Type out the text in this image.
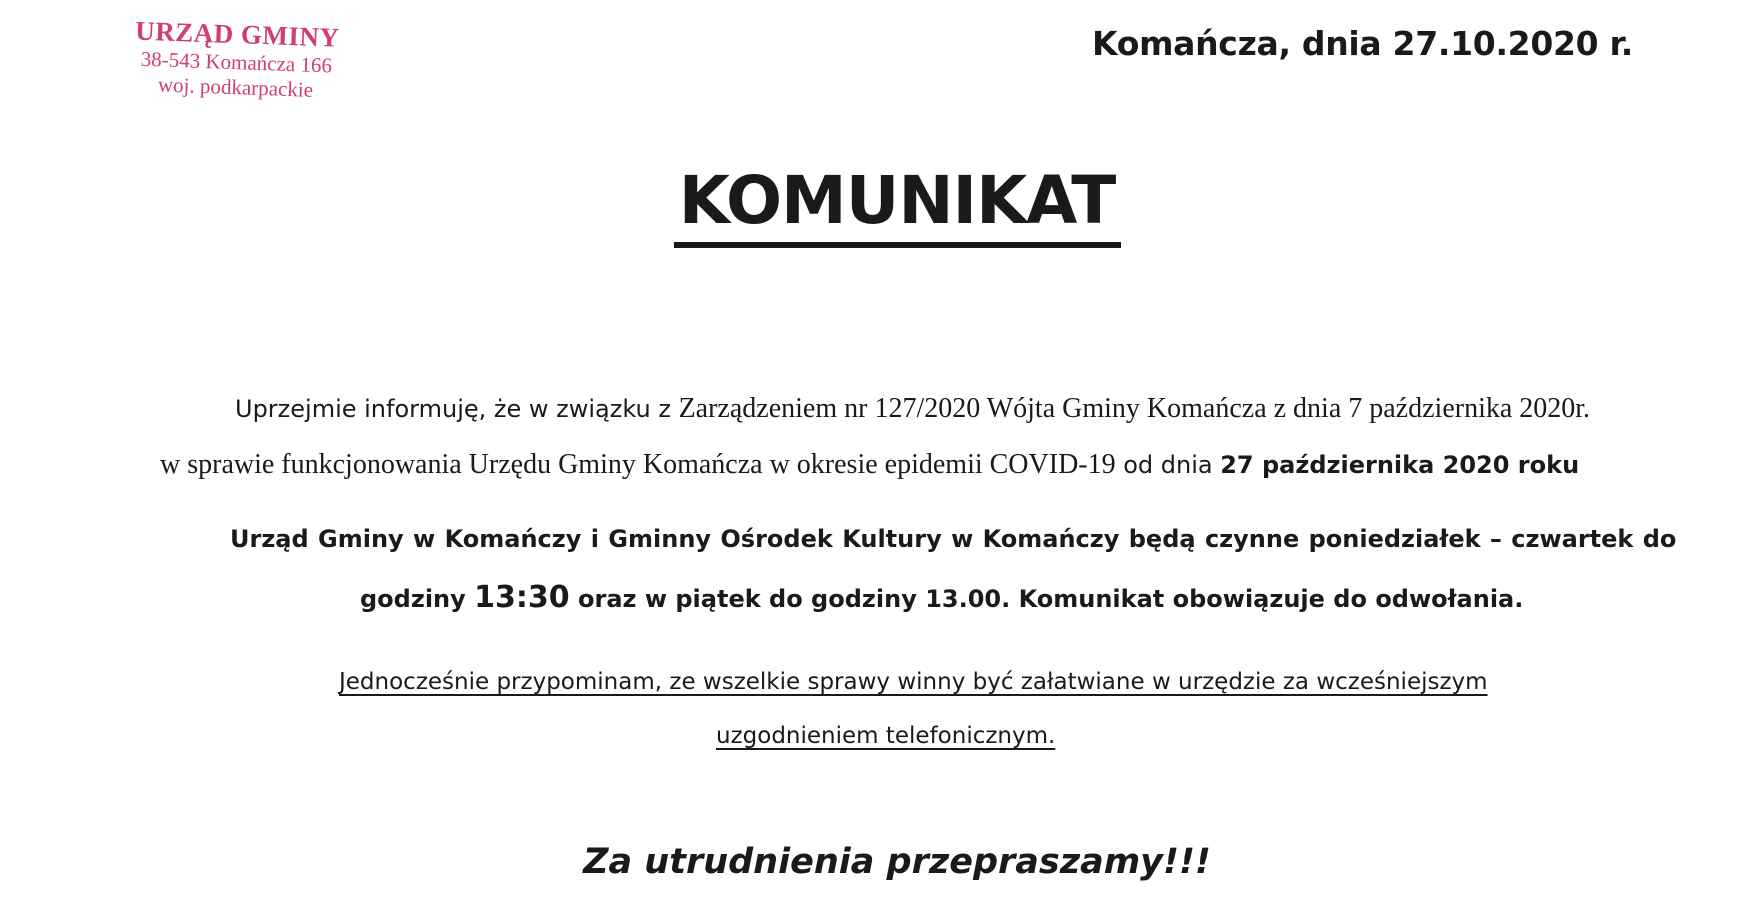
URZĄD GMINY
38-543 Komańcza 166
woj. podkarpackie
Komańcza, dnia 27.10.2020 r.
KOMUNIKAT
Uprzejmie informuję, że w związku z Zarządzeniem nr 127/2020 Wójta Gminy Komańcza z dnia 7 października 2020r.
w sprawie funkcjonowania Urzędu Gminy Komańcza w okresie epidemii COVID-19 od dnia 27 października 2020 roku
Urząd Gminy w Komańczy i Gminny Ośrodek Kultury w Komańczy będą czynne poniedziałek – czwartek do
godziny 13:30 oraz w piątek do godziny 13.00. Komunikat obowiązuje do odwołania.
Jednocześnie przypominam, ze wszelkie sprawy winny być załatwiane w urzędzie za wcześniejszym
uzgodnieniem telefonicznym.
Za utrudnienia przepraszamy!!!
